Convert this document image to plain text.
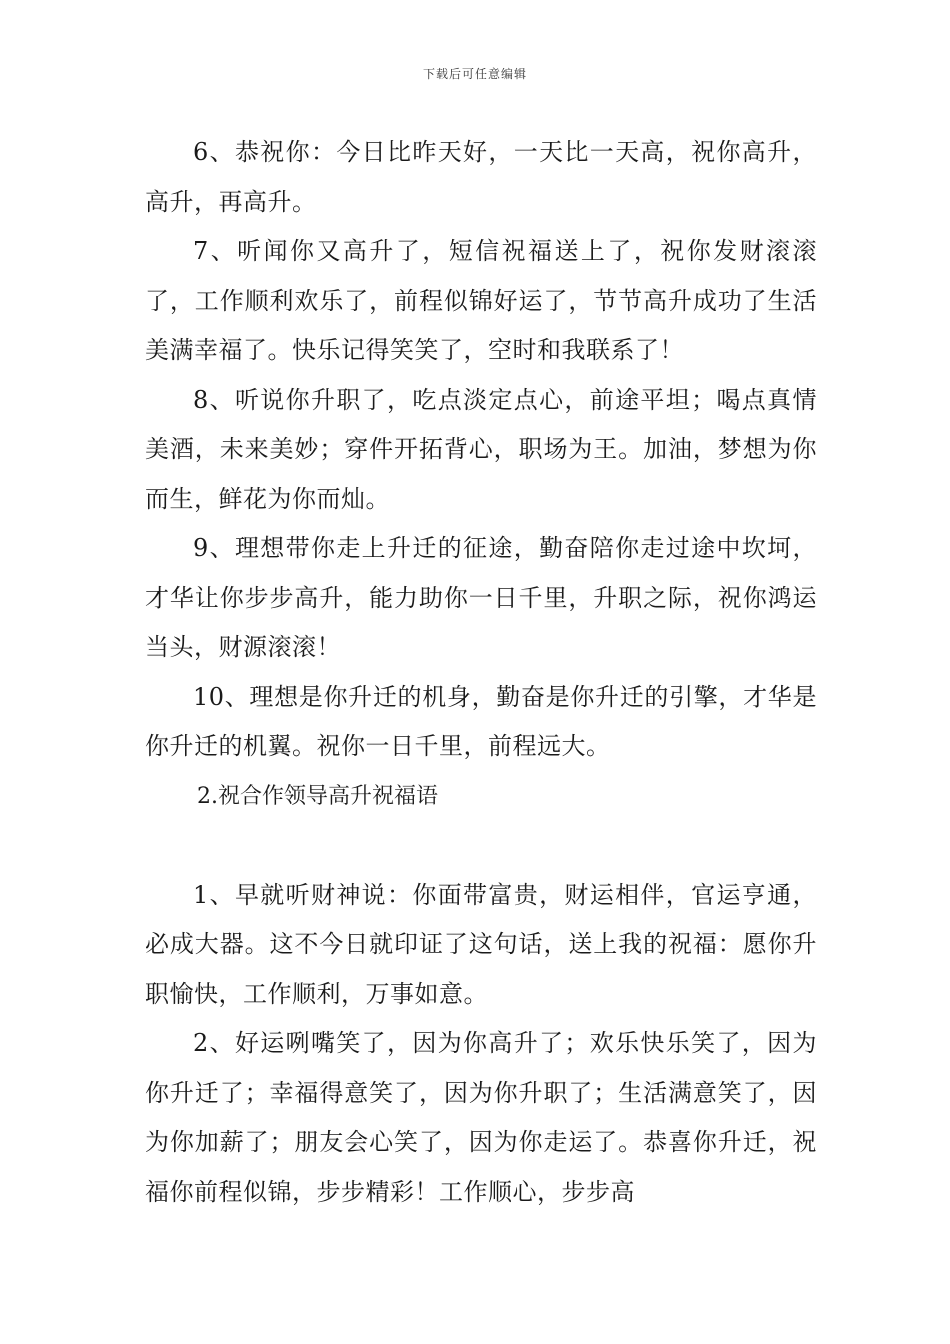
下载后可任意编辑

6、恭祝你：今日比昨天好，一天比一天高，祝你高升，高升，再高升。

7、听闻你又高升了，短信祝福送上了，祝你发财滚滚了，工作顺利欢乐了，前程似锦好运了，节节高升成功了生活美满幸福了。快乐记得笑笑了，空时和我联系了！

8、听说你升职了，吃点淡定点心，前途平坦；喝点真情美酒，未来美妙；穿件开拓背心，职场为王。加油，梦想为你而生，鲜花为你而灿。

9、理想带你走上升迁的征途，勤奋陪你走过途中坎坷，才华让你步步高升，能力助你一日千里，升职之际，祝你鸿运当头，财源滚滚！

10、理想是你升迁的机身，勤奋是你升迁的引擎，才华是你升迁的机翼。祝你一日千里，前程远大。

2.祝合作领导高升祝福语

1、早就听财神说：你面带富贵，财运相伴，官运亨通，必成大器。这不今日就印证了这句话，送上我的祝福：愿你升职愉快，工作顺利，万事如意。

2、好运咧嘴笑了，因为你高升了；欢乐快乐笑了，因为你升迁了；幸福得意笑了，因为你升职了；生活满意笑了，因为你加薪了；朋友会心笑了，因为你走运了。恭喜你升迁，祝福你前程似锦，步步精彩！工作顺心，步步高
